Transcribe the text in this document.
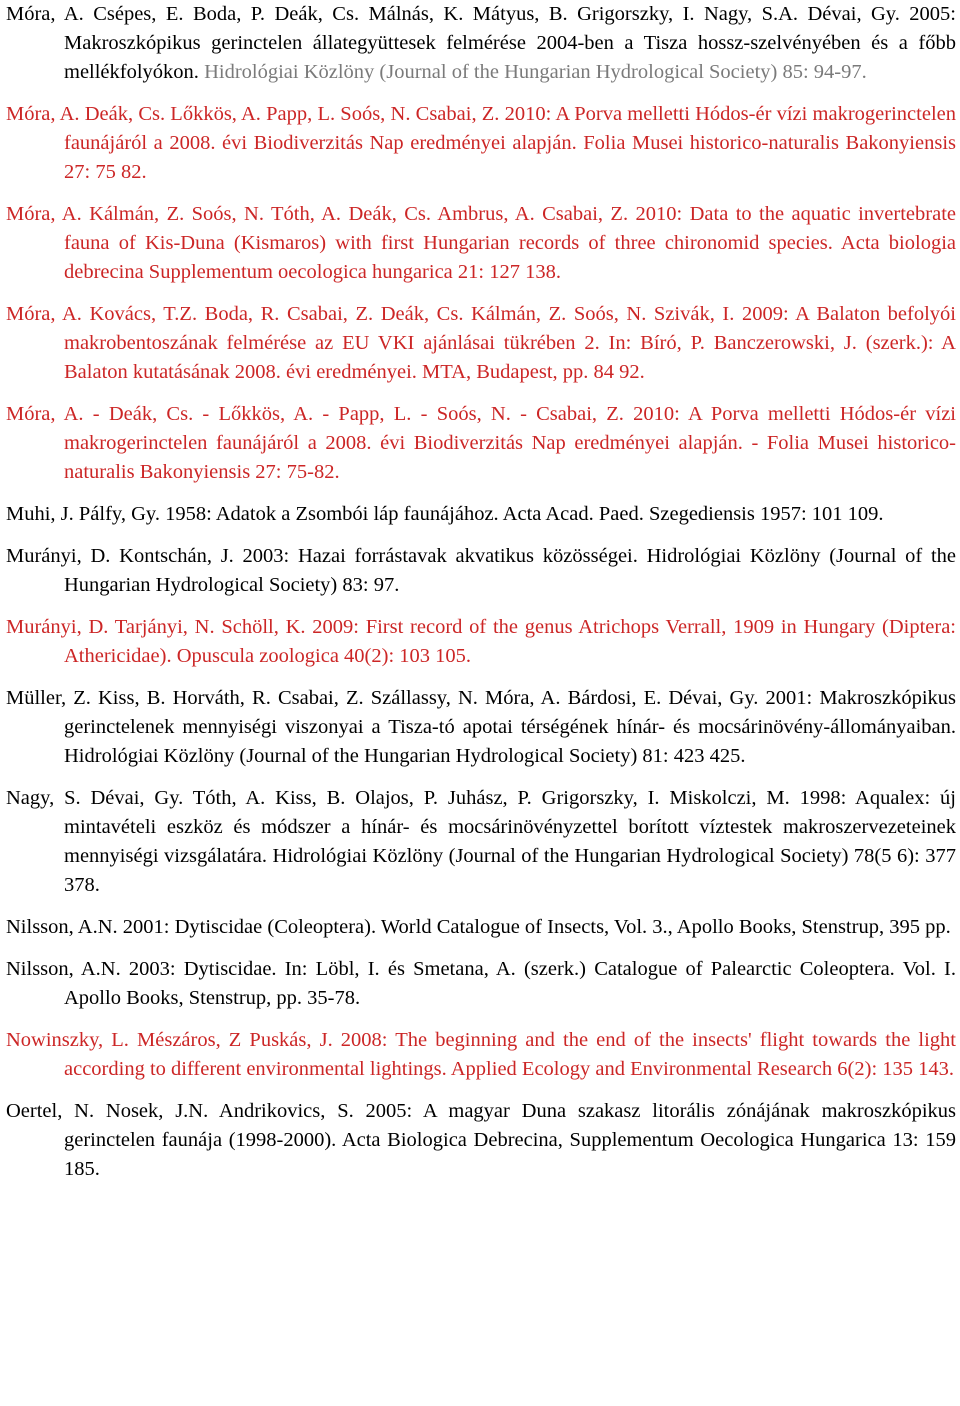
Móra, A. Csépes, E. Boda, P. Deák, Cs. Málnás, K. Mátyus, B. Grigorszky, I. Nagy, S.A. Dévai, Gy. 2005: Makroszkópikus gerinctelen állategyüttesek felmérése 2004-ben a Tisza hossz-szelvényében és a főbb mellékfolyókon. Hidrológiai Közlöny (Journal of the Hungarian Hydrological Society) 85: 94-97.

Móra, A. Deák, Cs. Lőkkös, A. Papp, L. Soós, N. Csabai, Z. 2010: A Porva melletti Hódos-ér vízi makrogerinctelen faunájáról a 2008. évi Biodiverzitás Nap eredményei alapján. Folia Musei historico-naturalis Bakonyiensis 27: 75 82.

Móra, A. Kálmán, Z. Soós, N. Tóth, A. Deák, Cs. Ambrus, A. Csabai, Z. 2010: Data to the aquatic invertebrate fauna of Kis-Duna (Kismaros) with first Hungarian records of three chironomid species. Acta biologia debrecina Supplementum oecologica hungarica 21: 127 138.

Móra, A. Kovács, T.Z. Boda, R. Csabai, Z. Deák, Cs. Kálmán, Z. Soós, N. Szivák, I. 2009: A Balaton befolyói makrobentoszának felmérése az EU VKI ajánlásai tükrében 2. In: Bíró, P. Banczerowski, J. (szerk.): A Balaton kutatásának 2008. évi eredményei. MTA, Budapest, pp. 84 92.

Móra, A. - Deák, Cs. - Lőkkös, A. - Papp, L. - Soós, N. - Csabai, Z. 2010: A Porva melletti Hódos-ér vízi makrogerinctelen faunájáról a 2008. évi Biodiverzitás Nap eredményei alapján. - Folia Musei historico-naturalis Bakonyiensis 27: 75-82.

Muhi, J. Pálfy, Gy. 1958: Adatok a Zsombói láp faunájához. Acta Acad. Paed. Szegediensis 1957: 101 109.

Murányi, D. Kontschán, J. 2003: Hazai forrástavak akvatikus közösségei. Hidrológiai Közlöny (Journal of the Hungarian Hydrological Society) 83: 97.

Murányi, D. Tarjányi, N. Schöll, K. 2009: First record of the genus Atrichops Verrall, 1909 in Hungary (Diptera: Athericidae). Opuscula zoologica 40(2): 103 105.

Müller, Z. Kiss, B. Horváth, R. Csabai, Z. Szállassy, N. Móra, A. Bárdosi, E. Dévai, Gy. 2001: Makroszkópikus gerinctelenek mennyiségi viszonyai a Tisza-tó apotai térségének hínár- és mocsárinövény-állományaiban. Hidrológiai Közlöny (Journal of the Hungarian Hydrological Society) 81: 423 425.

Nagy, S. Dévai, Gy. Tóth, A. Kiss, B. Olajos, P. Juhász, P. Grigorszky, I. Miskolczi, M. 1998: Aqualex: új mintavételi eszköz és módszer a hínár- és mocsárinövényzettel borított víztestek makroszervezeteinek mennyiségi vizsgálatára. Hidrológiai Közlöny (Journal of the Hungarian Hydrological Society) 78(5 6): 377 378.

Nilsson, A.N. 2001: Dytiscidae (Coleoptera). World Catalogue of Insects, Vol. 3., Apollo Books, Stenstrup, 395 pp.

Nilsson, A.N. 2003: Dytiscidae. In: Löbl, I. és Smetana, A. (szerk.) Catalogue of Palearctic Coleoptera. Vol. I. Apollo Books, Stenstrup, pp. 35-78.

Nowinszky, L. Mészáros, Z Puskás, J. 2008: The beginning and the end of the insects' flight towards the light according to different environmental lightings. Applied Ecology and Environmental Research 6(2): 135 143.

Oertel, N. Nosek, J.N. Andrikovics, S. 2005: A magyar Duna szakasz litorális zónájának makroszkópikus gerinctelen faunája (1998-2000). Acta Biologica Debrecina, Supplementum Oecologica Hungarica 13: 159 185.
